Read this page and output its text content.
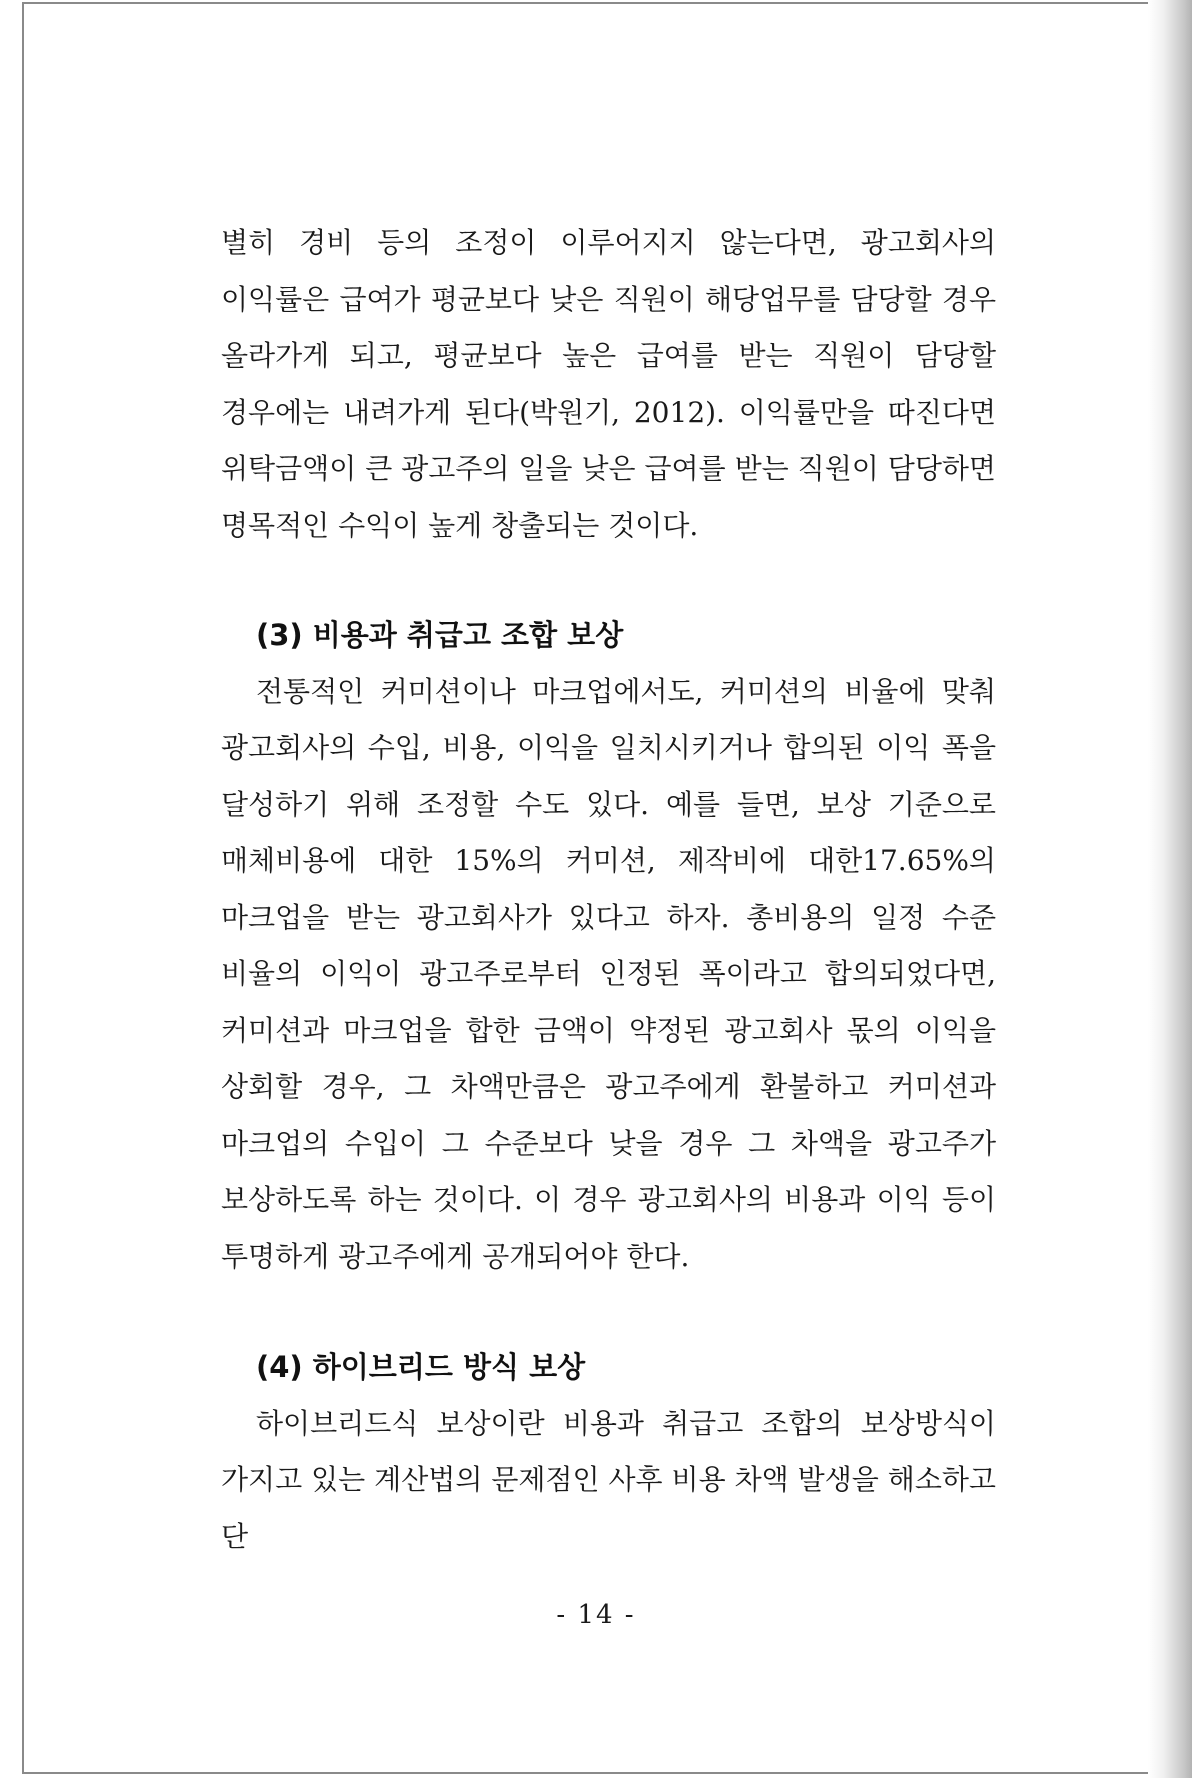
별히 경비 등의 조정이 이루어지지 않는다면, 광고회사의 이익률은 급여가 평균보다 낮은 직원이 해당업무를 담당할 경우 올라가게 되고, 평균보다 높은 급여를 받는 직원이 담당할 경우에는 내려가게 된다(박원기, 2012). 이익률만을 따진다면 위탁금액이 큰 광고주의 일을 낮은 급여를 받는 직원이 담당하면 명목적인 수익이 높게 창출되는 것이다.

(3) 비용과 취급고 조합 보상

전통적인 커미션이나 마크업에서도, 커미션의 비율에 맞춰 광고회사의 수입, 비용, 이익을 일치시키거나 합의된 이익 폭을 달성하기 위해 조정할 수도 있다. 예를 들면, 보상 기준으로 매체비용에 대한 15%의 커미션, 제작비에 대한17.65%의 마크업을 받는 광고회사가 있다고 하자. 총비용의 일정 수준 비율의 이익이 광고주로부터 인정된 폭이라고 합의되었다면, 커미션과 마크업을 합한 금액이 약정된 광고회사 몫의 이익을 상회할 경우, 그 차액만큼은 광고주에게 환불하고 커미션과 마크업의 수입이 그 수준보다 낮을 경우 그 차액을 광고주가 보상하도록 하는 것이다. 이 경우 광고회사의 비용과 이익 등이 투명하게 광고주에게 공개되어야 한다.

(4) 하이브리드 방식 보상

하이브리드식 보상이란 비용과 취급고 조합의 보상방식이 가지고 있는 계산법의 문제점인 사후 비용 차액 발생을 해소하고 단

- 14 -
